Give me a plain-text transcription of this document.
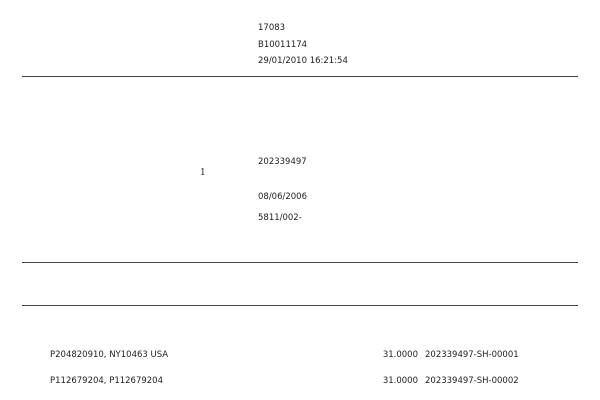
17083
B10011174
29/01/2010 16:21:54
202339497
08/06/2006
5811/002-
1
P204820910, NY10463 USA	31.0000 202339497-SH-00001
P112679204, P112679204	31.0000 202339497-SH-00002
